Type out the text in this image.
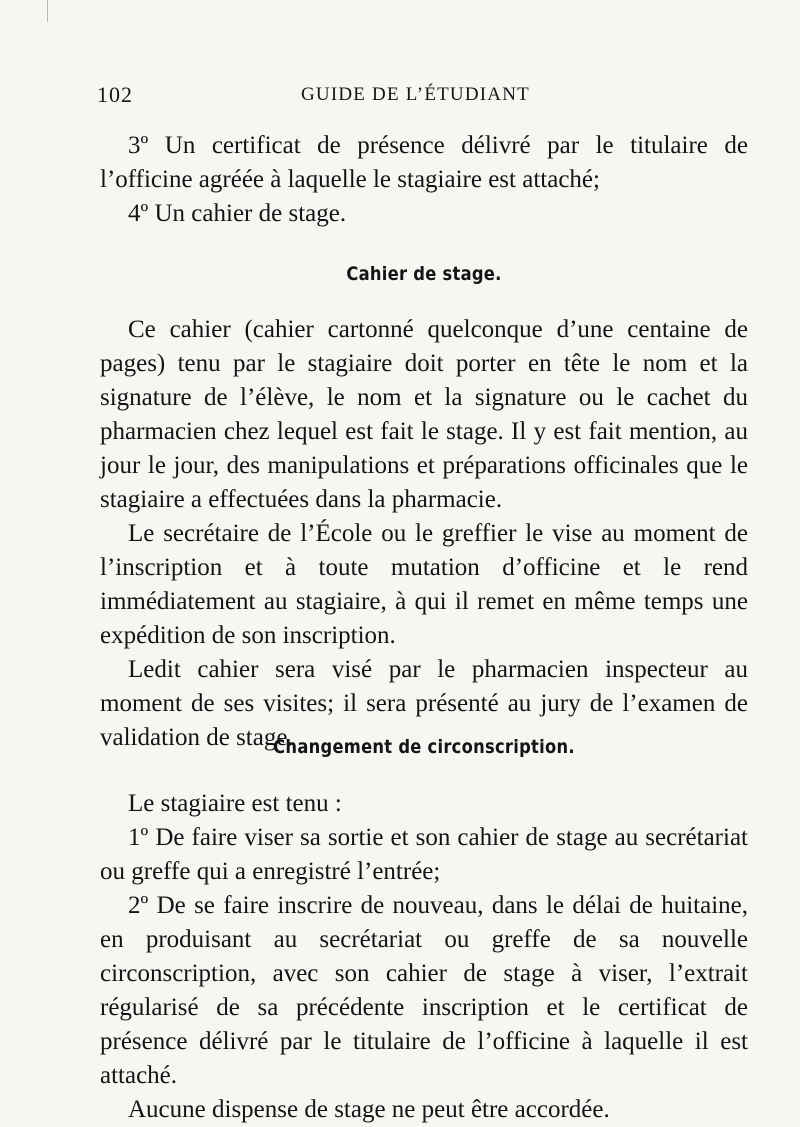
102	GUIDE DE L’ÉTUDIANT

3º Un certificat de présence délivré par le titulaire de l’officine agréée à laquelle le stagiaire est attaché;

4º Un cahier de stage.

Cahier de stage.

Ce cahier (cahier cartonné quelconque d’une centaine de pages) tenu par le stagiaire doit porter en tête le nom et la signature de l’élève, le nom et la signature ou le cachet du pharmacien chez lequel est fait le stage. Il y est fait mention, au jour le jour, des manipulations et préparations officinales que le stagiaire a effectuées dans la pharmacie.

Le secrétaire de l’École ou le greffier le vise au moment de l’inscription et à toute mutation d’officine et le rend immédiatement au stagiaire, à qui il remet en même temps une expédition de son inscription.

Ledit cahier sera visé par le pharmacien inspecteur au moment de ses visites; il sera présenté au jury de l’examen de validation de stage.

Changement de circonscription.

Le stagiaire est tenu :

1º De faire viser sa sortie et son cahier de stage au secrétariat ou greffe qui a enregistré l’entrée;

2º De se faire inscrire de nouveau, dans le délai de huitaine, en produisant au secrétariat ou greffe de sa nouvelle circonscription, avec son cahier de stage à viser, l’extrait régularisé de sa précédente inscription et le certificat de présence délivré par le titulaire de l’officine à laquelle il est attaché.

Aucune dispense de stage ne peut être accordée.
